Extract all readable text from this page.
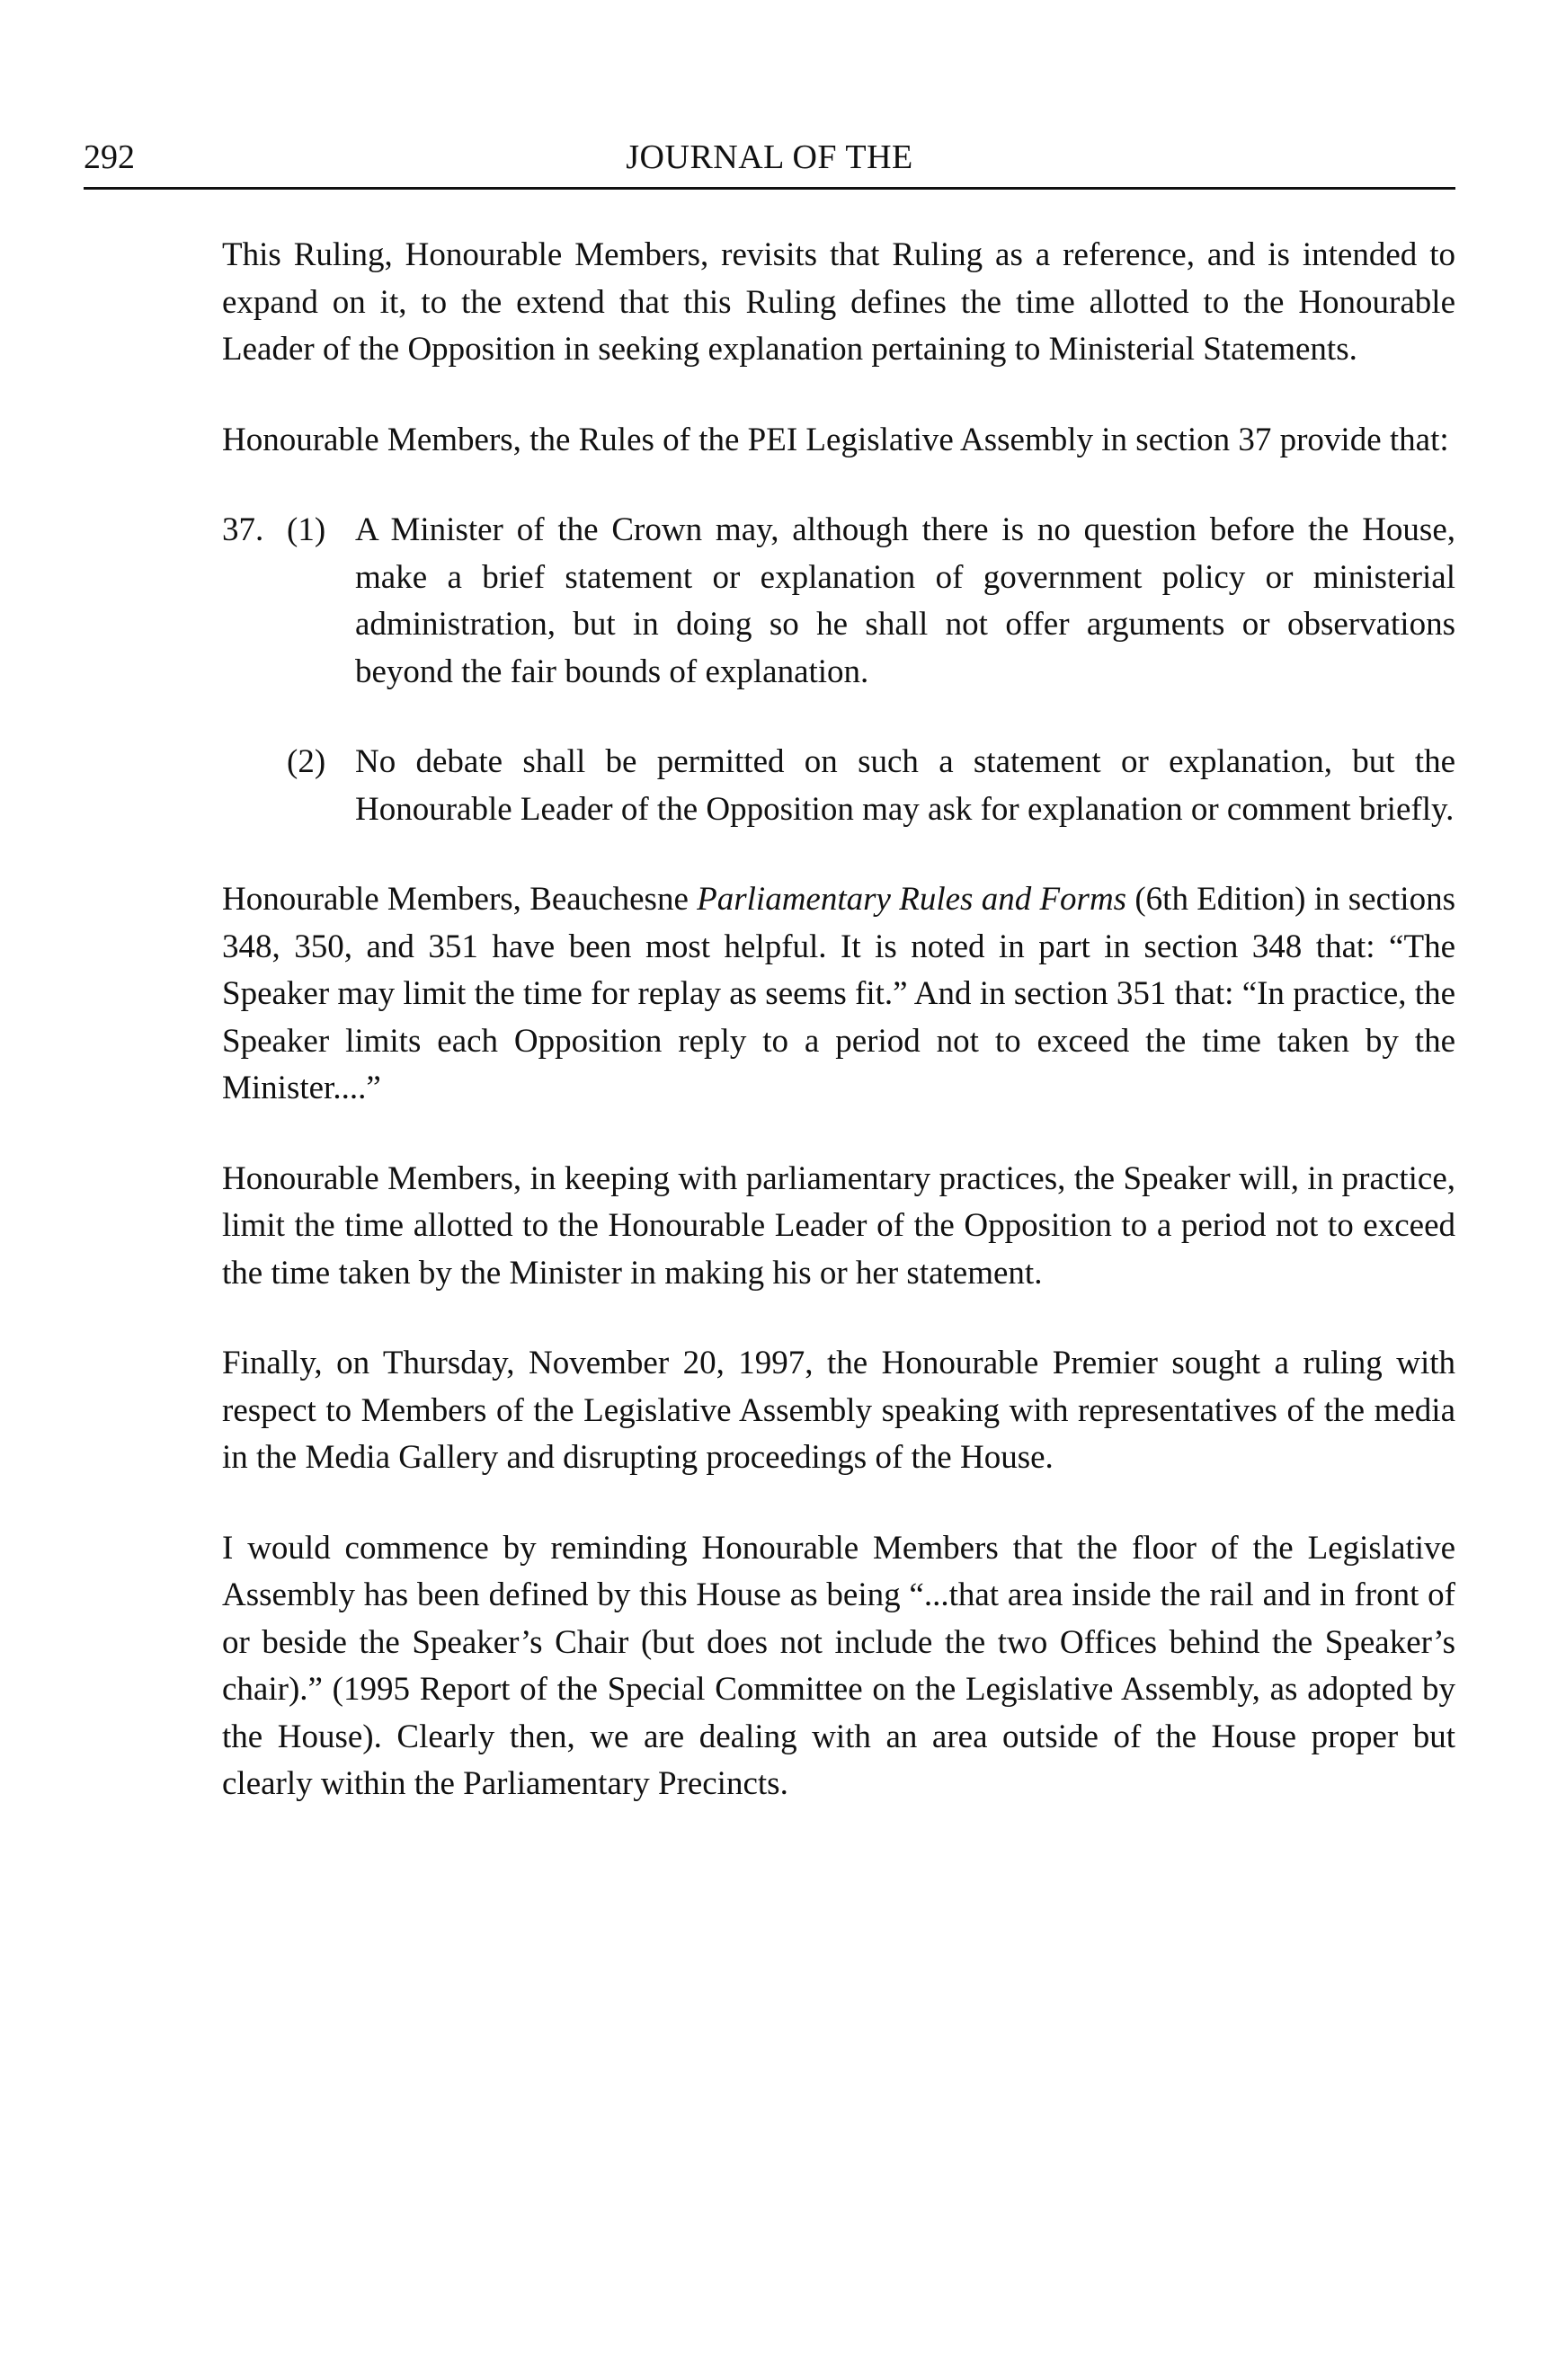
292	JOURNAL OF THE

This Ruling, Honourable Members, revisits that Ruling as a reference, and is intended to expand on it, to the extend that this Ruling defines the time allotted to the Honourable Leader of the Opposition in seeking explanation pertaining to Ministerial Statements.

Honourable Members, the Rules of the PEI Legislative Assembly in section 37 provide that:

37. (1) A Minister of the Crown may, although there is no question before the House, make a brief statement or explanation of government policy or ministerial administration, but in doing so he shall not offer arguments or observations beyond the fair bounds of explanation.
(2) No debate shall be permitted on such a statement or explanation, but the Honourable Leader of the Opposition may ask for explanation or comment briefly.

Honourable Members, Beauchesne Parliamentary Rules and Forms (6th Edition) in sections 348, 350, and 351 have been most helpful. It is noted in part in section 348 that: “The Speaker may limit the time for replay as seems fit.” And in section 351 that: “In practice, the Speaker limits each Opposition reply to a period not to exceed the time taken by the Minister....”

Honourable Members, in keeping with parliamentary practices, the Speaker will, in practice, limit the time allotted to the Honourable Leader of the Opposition to a period not to exceed the time taken by the Minister in making his or her statement.

Finally, on Thursday, November 20, 1997, the Honourable Premier sought a ruling with respect to Members of the Legislative Assembly speaking with representatives of the media in the Media Gallery and disrupting proceedings of the House.

I would commence by reminding Honourable Members that the floor of the Legislative Assembly has been defined by this House as being “...that area inside the rail and in front of or beside the Speaker’s Chair (but does not include the two Offices behind the Speaker’s chair).” (1995 Report of the Special Committee on the Legislative Assembly, as adopted by the House). Clearly then, we are dealing with an area outside of the House proper but clearly within the Parliamentary Precincts.
